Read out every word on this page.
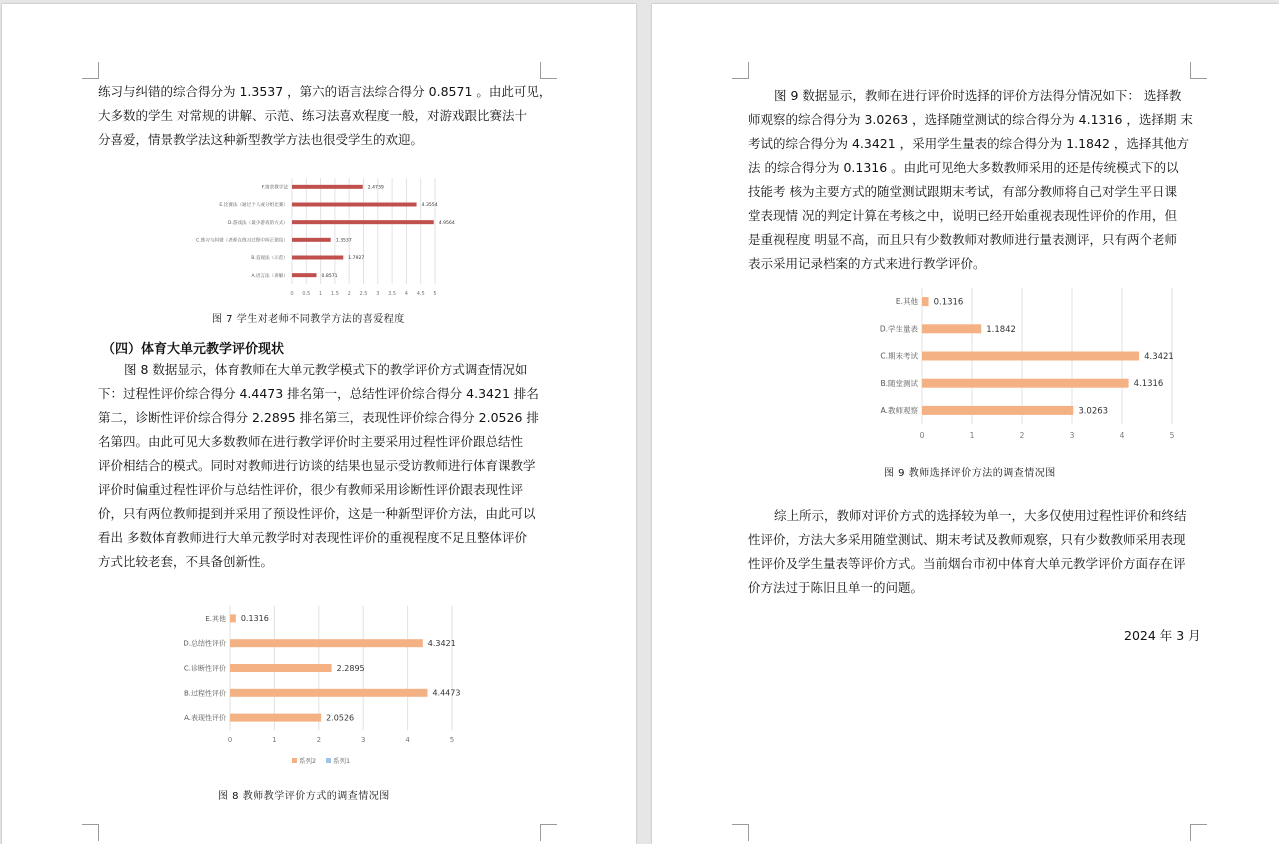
练习与纠错的综合得分为 1.3537 ，第六的语言法综合得分 0.8571 。由此可见，
大多数的学生 对常规的讲解、示范、练习法喜欢程度一般，对游戏跟比赛法十
分喜爱，情景教学法这种新型教学方法也很受学生的欢迎。
0 0.5 1 1.5 2 2.5 3 3.5 4 4.5 5
A.语言法（讲解）	0.8571
B.直观法（示范）	1.7927
C.练习与纠错（老师在练习过程中纠正错误）	1.3537
D.游戏法（最少游戏的方式）	4.9564
E.比赛法（通过个人或分组比赛）	4.3554
F.情景教学法	2.4739

图 7 学生对老师不同教学方法的喜爱程度

（四）体育大单元教学评价现状

图 8 数据显示，体育教师在大单元教学模式下的教学评价方式调查情况如
下：过程性评价综合得分 4.4473 排名第一，总结性评价综合得分 4.3421 排名
第二，诊断性评价综合得分 2.2895 排名第三，表现性评价综合得分 2.0526 排
名第四。由此可见大多数教师在进行教学评价时主要采用过程性评价跟总结性
评价相结合的模式。同时对教师进行访谈的结果也显示受访教师进行体育课教学
评价时偏重过程性评价与总结性评价，很少有教师采用诊断性评价跟表现性评
价，只有两位教师提到并采用了预设性评价，这是一种新型评价方法，由此可以
看出 多数体育教师进行大单元教学时对表现性评价的重视程度不足且整体评价
方式比较老套，不具备创新性。
0	1	2	3	4	5
A.表现性评价	2.0526
B.过程性评价	4.4473
C.诊断性评价	2.2895
D.总结性评价	4.3421
E.其他 0.1316
系列2	系列1

图 8 教师教学评价方式的调查情况图

图 9 数据显示，教师在进行评价时选择的评价方法得分情况如下： 选择教
师观察的综合得分为 3.0263 ，选择随堂测试的综合得分为 4.1316 ，选择期 末
考试的综合得分为 4.3421 ，采用学生量表的综合得分为 1.1842 ，选择其他方
法 的综合得分为 0.1316 。由此可见绝大多数教师采用的还是传统模式下的以
技能考 核为主要方式的随堂测试跟期末考试，有部分教师将自己对学生平日课
堂表现情 况的判定计算在考核之中，说明已经开始重视表现性评价的作用，但
是重视程度 明显不高，而且只有少数教师对教师进行量表测评，只有两个老师
表示采用记录档案的方式来进行教学评价。
0	1	2	3	4	5
A.教师观察	3.0263
B.随堂测试	4.1316
C.期末考试	4.3421
D.学生量表	1.1842
E.其他 0.1316

图 9 教师选择评价方法的调查情况图

综上所示，教师对评价方式的选择较为单一，大多仅使用过程性评价和终结
性评价，方法大多采用随堂测试、期末考试及教师观察，只有少数教师采用表现
性评价及学生量表等评价方式。当前烟台市初中体育大单元教学评价方面存在评
价方法过于陈旧且单一的问题。

2024 年 3 月
